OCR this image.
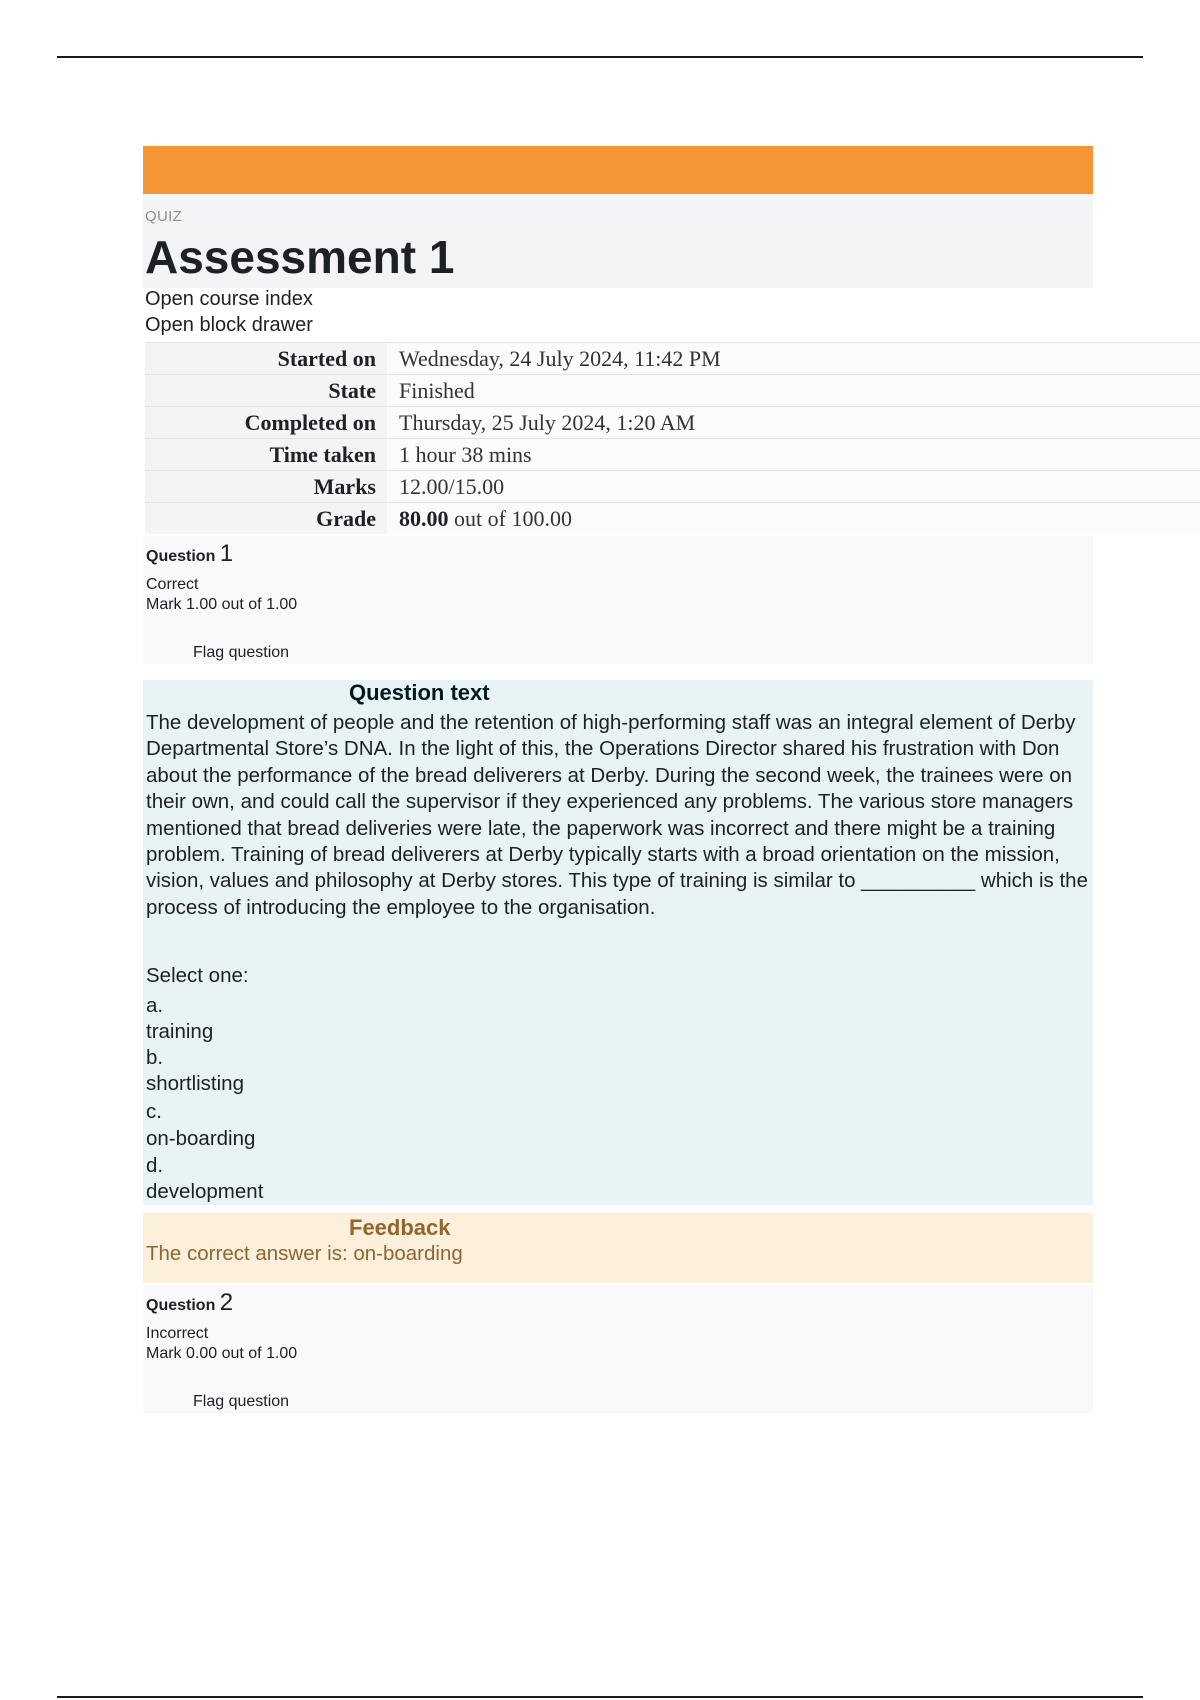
QUIZ
Assessment 1
Open course index
Open block drawer
Started on	Wednesday, 24 July 2024, 11:42 PM
State	Finished
Completed on	Thursday, 25 July 2024, 1:20 AM
Time taken	1 hour 38 mins
Marks	12.00/15.00
Grade	80.00 out of 100.00
Question 1
Correct
Mark 1.00 out of 1.00
Flag question
Question text
The development of people and the retention of high-performing staff was an integral element of Derby Departmental Store’s DNA. In the light of this, the Operations Director shared his frustration with Don about the performance of the bread deliverers at Derby. During the second week, the trainees were on their own, and could call the supervisor if they experienced any problems. The various store managers mentioned that bread deliveries were late, the paperwork was incorrect and there might be a training problem. Training of bread deliverers at Derby typically starts with a broad orientation on the mission, vision, values and philosophy at Derby stores. This type of training is similar to __________ which is the process of introducing the employee to the organisation.
Select one:
a.
training
b.
shortlisting
c.
on-boarding
d.
development
Feedback
The correct answer is: on-boarding
Question 2
Incorrect
Mark 0.00 out of 1.00
Flag question
